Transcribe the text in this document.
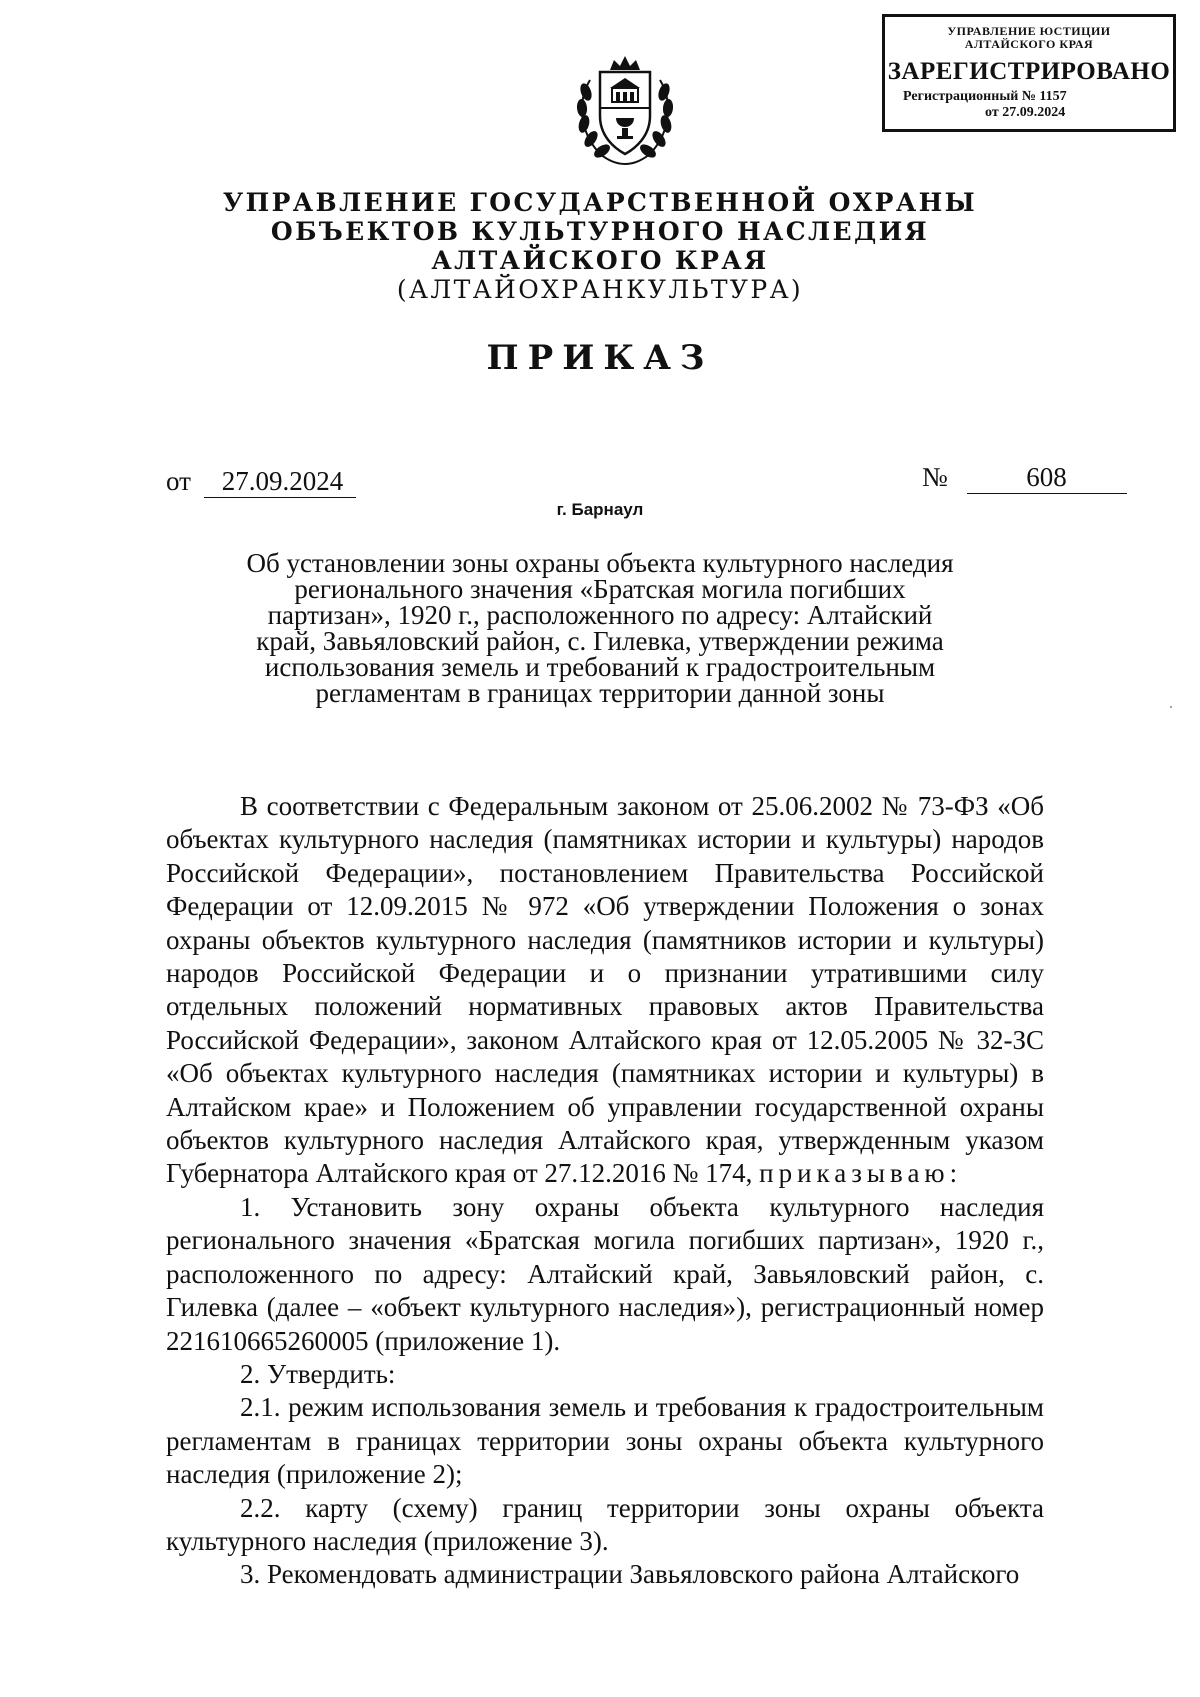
УПРАВЛЕНИЕ ЮСТИЦИИ
АЛТАЙСКОГО КРАЯ
ЗАРЕГИСТРИРОВАНО
Регистрационный № 1157
от 27.09.2024
УПРАВЛЕНИЕ ГОСУДАРСТВЕННОЙ ОХРАНЫ
ОБЪЕКТОВ КУЛЬТУРНОГО НАСЛЕДИЯ
АЛТАЙСКОГО КРАЯ
(АЛТАЙОХРАНКУЛЬТУРА)
ПРИКАЗ
от 27.09.2024	№	608
г. Барнаул
Об установлении зоны охраны объекта культурного наследия
регионального значения «Братская могила погибших
партизан», 1920 г., расположенного по адресу: Алтайский
край, Завьяловский район, с. Гилевка, утверждении режима
использования земель и требований к градостроительным
регламентам в границах территории данной зоны

В соответствии с Федеральным законом от 25.06.2002 № 73-ФЗ «Об объектах культурного наследия (памятниках истории и культуры) народов Российской Федерации», постановлением Правительства Российской Федерации от 12.09.2015 № 972 «Об утверждении Положения о зонах охраны объектов культурного наследия (памятников истории и культуры) народов Российской Федерации и о признании утратившими силу отдельных положений нормативных правовых актов Правительства Российской Федерации», законом Алтайского края от 12.05.2005 № 32-ЗС «Об объектах культурного наследия (памятниках истории и культуры) в Алтайском крае» и Положением об управлении государственной охраны объектов культурного наследия Алтайского края, утвержденным указом Губернатора Алтайского края от 27.12.2016 № 174, приказываю:

1. Установить зону охраны объекта культурного наследия регионального значения «Братская могила погибших партизан», 1920 г., расположенного по адресу: Алтайский край, Завьяловский район, с. Гилевка (далее – «объект культурного наследия»), регистрационный номер 221610665260005 (приложение 1).

2. Утвердить:

2.1. режим использования земель и требования к градостроительным регламентам в границах территории зоны охраны объекта культурного наследия (приложение 2);

2.2. карту (схему) границ территории зоны охраны объекта культурного наследия (приложение 3).

3. Рекомендовать администрации Завьяловского района Алтайского
